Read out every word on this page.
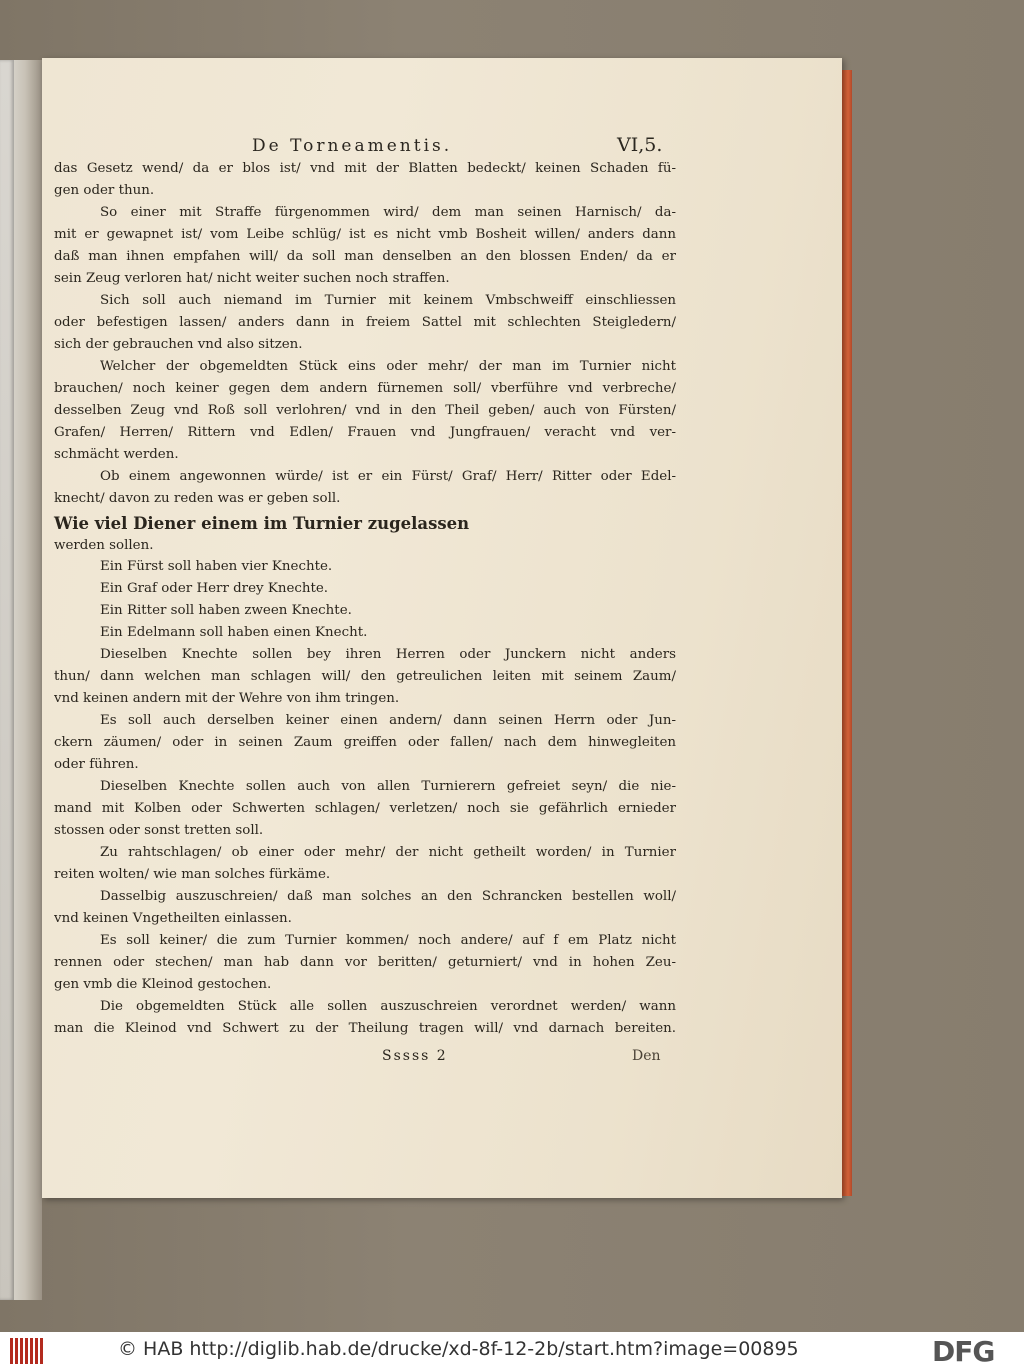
De Torneamentis.	VI,5.
das Gesetz wend/ da er blos ist/ vnd mit der Blatten bedeckt/ keinen Schaden fü-
gen oder thun.
So einer mit Straffe fürgenommen wird/ dem man seinen Harnisch/ da-
mit er gewapnet ist/ vom Leibe schlüg/ ist es nicht vmb Bosheit willen/ anders dann
daß man ihnen empfahen will/ da soll man denselben an den blossen Enden/ da er
sein Zeug verloren hat/ nicht weiter suchen noch straffen.
Sich soll auch niemand im Turnier mit keinem Vmbschweiff einschliessen
oder befestigen lassen/ anders dann in freiem Sattel mit schlechten Steigledern/
sich der gebrauchen vnd also sitzen.
Welcher der obgemeldten Stück eins oder mehr/ der man im Turnier nicht
brauchen/ noch keiner gegen dem andern fürnemen soll/ vberführe vnd verbreche/
desselben Zeug vnd Roß soll verlohren/ vnd in den Theil geben/ auch von Fürsten/
Grafen/ Herren/ Rittern vnd Edlen/ Frauen vnd Jungfrauen/ veracht vnd ver-
schmächt werden.
Ob einem angewonnen würde/ ist er ein Fürst/ Graf/ Herr/ Ritter oder Edel-
knecht/ davon zu reden was er geben soll.
Wie viel Diener einem im Turnier zugelassen
werden sollen.
Ein Fürst soll haben vier Knechte.
Ein Graf oder Herr drey Knechte.
Ein Ritter soll haben zween Knechte.
Ein Edelmann soll haben einen Knecht.
Dieselben Knechte sollen bey ihren Herren oder Junckern nicht anders
thun/ dann welchen man schlagen will/ den getreulichen leiten mit seinem Zaum/
vnd keinen andern mit der Wehre von ihm tringen.
Es soll auch derselben keiner einen andern/ dann seinen Herrn oder Jun-
ckern zäumen/ oder in seinen Zaum greiffen oder fallen/ nach dem hinwegleiten
oder führen.
Dieselben Knechte sollen auch von allen Turnierern gefreiet seyn/ die nie-
mand mit Kolben oder Schwerten schlagen/ verletzen/ noch sie gefährlich ernieder
stossen oder sonst tretten soll.
Zu rahtschlagen/ ob einer oder mehr/ der nicht getheilt worden/ in Turnier
reiten wolten/ wie man solches fürkäme.
Dasselbig auszuschreien/ daß man solches an den Schrancken bestellen woll/
vnd keinen Vngetheilten einlassen.
Es soll keiner/ die zum Turnier kommen/ noch andere/ auf f em Platz nicht
rennen oder stechen/ man hab dann vor beritten/ geturniert/ vnd in hohen Zeu-
gen vmb die Kleinod gestochen.
Die obgemeldten Stück alle sollen auszuschreien verordnet werden/ wann
man die Kleinod vnd Schwert zu der Theilung tragen will/ vnd darnach bereiten.
Sssss 2	Den
© HAB http://diglib.hab.de/drucke/xd-8f-12-2b/start.htm?image=00895	DFG
